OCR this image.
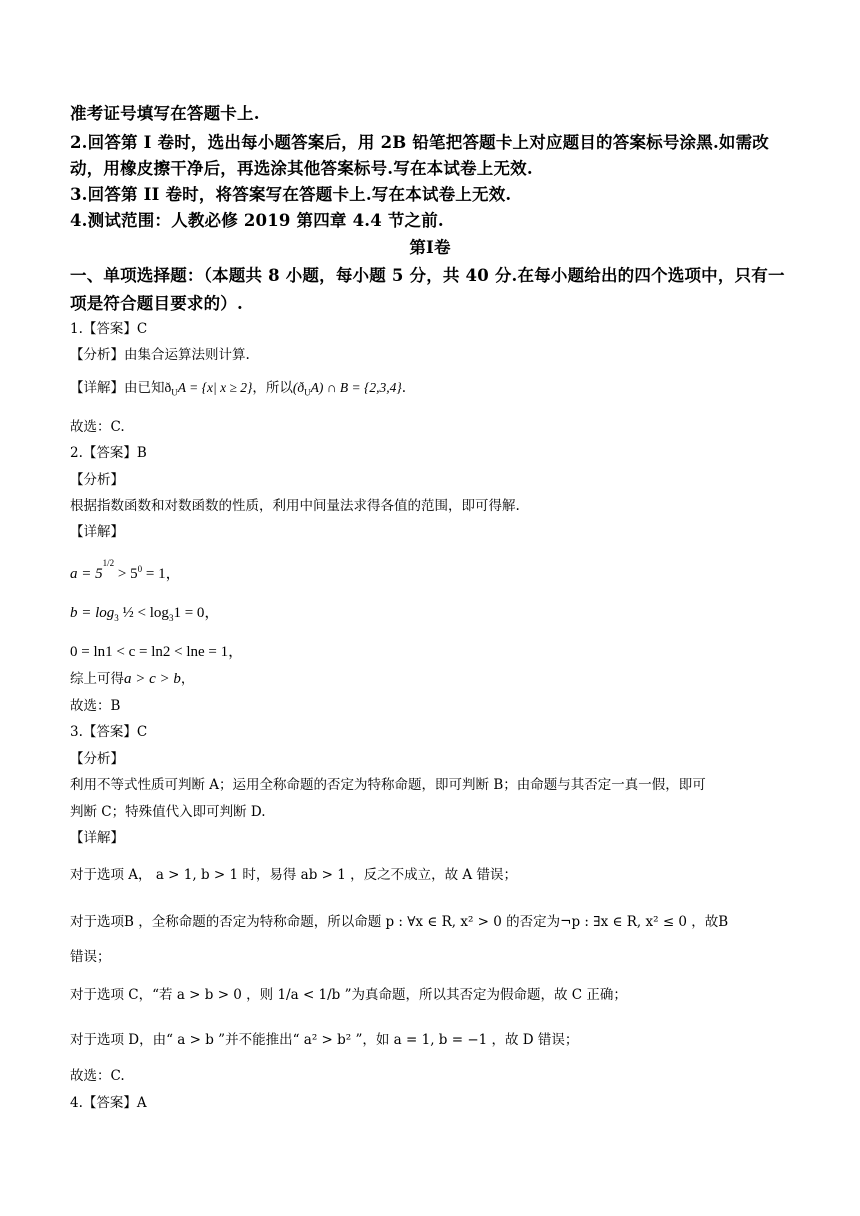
准考证号填写在答题卡上.
2.回答第 I 卷时，选出每小题答案后，用 2B 铅笔把答题卡上对应题目的答案标号涂黑.如需改
动，用橡皮擦干净后，再选涂其他答案标号.写在本试卷上无效.
3.回答第 II 卷时，将答案写在答题卡上.写在本试卷上无效.
4.测试范围：人教必修 2019 第四章 4.4 节之前.
第Ⅰ卷
一、单项选择题：（本题共 8 小题，每小题 5 分，共 40 分.在每小题给出的四个选项中，只有一
项是符合题目要求的）.
1.【答案】C
【分析】由集合运算法则计算.
【详解】由已知$ð_UA = \{x|$ x ≥ 2}，所以$(ð_UA)$ ∩ B = {2,3,4}.
故选：C.
2.【答案】B
【分析】
根据指数函数和对数函数的性质，利用中间量法求得各值的范围，即可得解.
【详解】
$a = 5^{1/2} > 5^0 = 1$，
$b = \log_3$ ½ < $\log_31 = 0$，
0 = ln1 < c = ln2 < lne = 1，
综上可得a > c > b，
故选：B
3.【答案】C
【分析】
利用不等式性质可判断 A；运用全称命题的否定为特称命题，即可判断 B；由命题与其否定一真一假，即可
判断 C；特殊值代入即可判断 D.
【详解】
对于选项 A， a > 1, b > 1 时，易得 ab > 1 ，反之不成立，故 A 错误；
对于选项B ，全称命题的否定为特称命题，所以命题 p : ∀x ∈ R, x² > 0 的否定为¬p : ∃x ∈ R, x² ≤ 0 ，故B
错误；
对于选项 C，“若 a > b > 0 ，则 1/a < 1/b ”为真命题，所以其否定为假命题，故 C 正确；
对于选项 D，由“ a > b ”并不能推出“ a² > b² ”，如 a = 1, b = −1 ，故 D 错误；
故选：C.
4.【答案】A
